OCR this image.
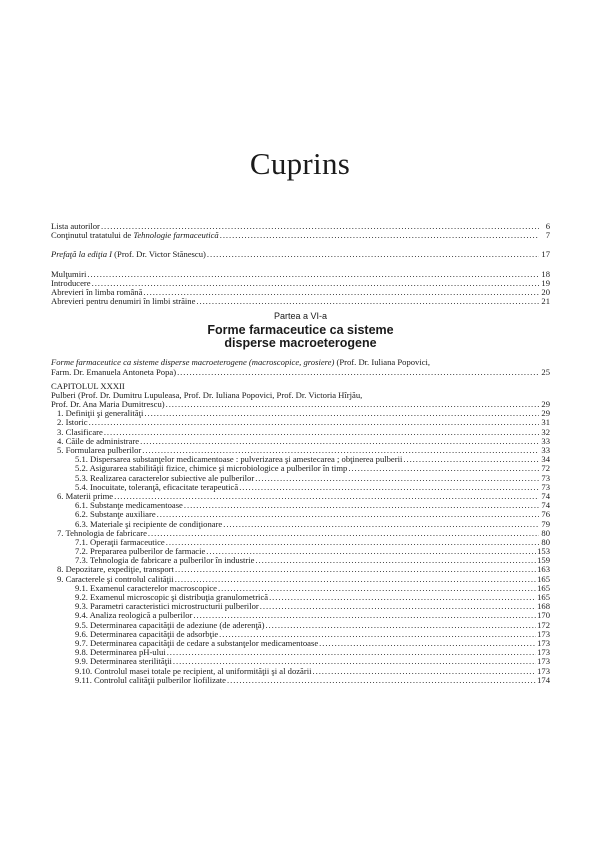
Cuprins
Lista autorilor . . .	6
Conţinutul tratatului de Tehnologie farmaceutică . . .	7
Prefaţă la ediţia I (Prof. Dr. Victor Stănescu) . . .	17
Mulţumiri . . .	18
Introducere . . .	19
Abrevieri în limba română . . .	20
Abrevieri pentru denumiri în limbi străine . . .	21
Partea a VI-a
Forme farmaceutice ca sisteme
disperse macroeterogene
Forme farmaceutice ca sisteme disperse macroeterogene (macroscopice, grosiere) (Prof. Dr. Iuliana Popovici,
Farm. Dr. Emanuela Antoneta Popa) . . .	25
CAPITOLUL XXXII
Pulberi (Prof. Dr. Dumitru Lupuleasa, Prof. Dr. Iuliana Popovici, Prof. Dr. Victoria Hîrjău,
Prof. Dr. Ana Maria Dumitrescu) . . .	29
1. Definiţii şi generalităţi . . .	29
2. Istoric . . .	31
3. Clasificare . . .	32
4. Căile de administrare . . .	33
5. Formularea pulberilor . . .	33
5.1. Dispersarea substanţelor medicamentoase : pulverizarea şi amestecarea ; obţinerea pulberii . . .	34
5.2. Asigurarea stabilităţii fizice, chimice şi microbiologice a pulberilor în timp . . .	72
5.3. Realizarea caracterelor subiective ale pulberilor . . .	73
5.4. Inocuitate, toleranţă, eficacitate terapeutică . . .	73
6. Materii prime . . .	74
6.1. Substanţe medicamentoase . . .	74
6.2. Substanţe auxiliare . . .	76
6.3. Materiale şi recipiente de condiţionare . . .	79
7. Tehnologia de fabricare . . .	80
7.1. Operaţii farmaceutice . . .	80
7.2. Prepararea pulberilor de farmacie . . .	153
7.3. Tehnologia de fabricare a pulberilor în industrie . . .	159
8. Depozitare, expediţie, transport . . .	163
9. Caracterele şi controlul calităţii . . .	165
9.1. Examenul caracterelor macroscopice . . .	165
9.2. Examenul microscopic şi distribuţia granulometrică . . .	165
9.3. Parametri caracteristici microstructurii pulberilor . . .	168
9.4. Analiza reologică a pulberilor . . .	170
9.5. Determinarea capacităţii de adeziune (de aderenţă) . . .	172
9.6. Determinarea capacităţii de adsorbţie . . .	173
9.7. Determinarea capacităţii de cedare a substanţelor medicamentoase . . .	173
9.8. Determinarea pH-ului . . .	173
9.9. Determinarea sterilităţii . . .	173
9.10. Controlul masei totale pe recipient, al uniformităţii şi al dozării . . .	173
9.11. Controlul calităţii pulberilor liofilizate . . .	174
